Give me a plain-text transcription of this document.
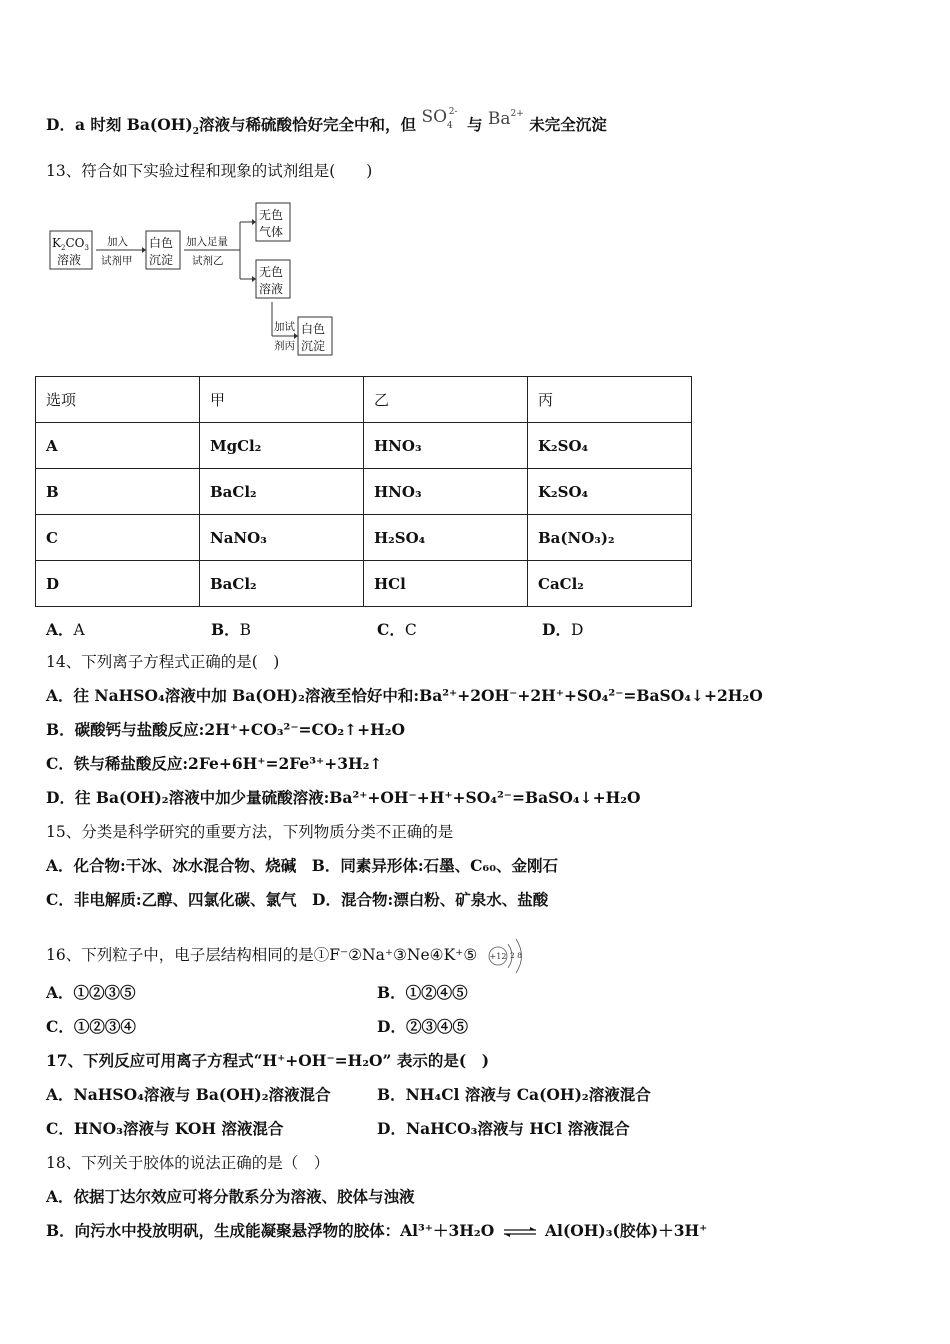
D．a 时刻 $Ba(OH)_2$溶液与稀硫酸恰好完全中和，但 $SO_4^{2-}$ 与 $Ba^{2+}$ 未完全沉淀
13、符合如下实验过程和现象的试剂组是(　　)
$K_2CO_3$
溶液
加入
试剂甲
白色
沉淀
加入足量
试剂乙
无色
气体
无色
溶液
加试
剂丙
白色
沉淀
选项	甲	乙	丙
A	MgCl₂	HNO₃	K₂SO₄
B	BaCl₂	HNO₃	K₂SO₄
C	NaNO₃	H₂SO₄	Ba(NO₃)₂
D	BaCl₂	HCl	CaCl₂
A．A	B．B	C．C	D．D
14、下列离子方程式正确的是(　)
A．往 NaHSO₄溶液中加 Ba(OH)₂溶液至恰好中和:Ba²⁺+2OH⁻+2H⁺+SO₄²⁻=BaSO₄↓+2H₂O
B．碳酸钙与盐酸反应:2H⁺+CO₃²⁻=CO₂↑+H₂O
C．铁与稀盐酸反应:2Fe+6H⁺=2Fe³⁺+3H₂↑
D．往 Ba(OH)₂溶液中加少量硫酸溶液:Ba²⁺+OH⁻+H⁺+SO₄²⁻=BaSO₄↓+H₂O
15、分类是科学研究的重要方法，下列物质分类不正确的是
A．化合物:干冰、冰水混合物、烧碱　B．同素异形体:石墨、C₆₀、金刚石
C．非电解质:乙醇、四氯化碳、氯气　D．混合物:漂白粉、矿泉水、盐酸
16、下列粒子中，电子层结构相同的是①F⁻②Na⁺③Ne④K⁺⑤ +12 2 8
A．①②③⑤	B．①②④⑤
C．①②③④	D．②③④⑤
17、下列反应可用离子方程式“H⁺+OH⁻=H₂O” 表示的是(　)
A．NaHSO₄溶液与 Ba(OH)₂溶液混合	B．NH₄Cl 溶液与 Ca(OH)₂溶液混合
C．HNO₃溶液与 KOH 溶液混合	D．NaHCO₃溶液与 HCl 溶液混合
18、下列关于胶体的说法正确的是（　）
A．依据丁达尔效应可将分散系分为溶液、胶体与浊液
B．向污水中投放明矾，生成能凝聚悬浮物的胶体：Al³⁺＋3H₂O ⇌ Al(OH)₃(胶体)＋3H⁺
